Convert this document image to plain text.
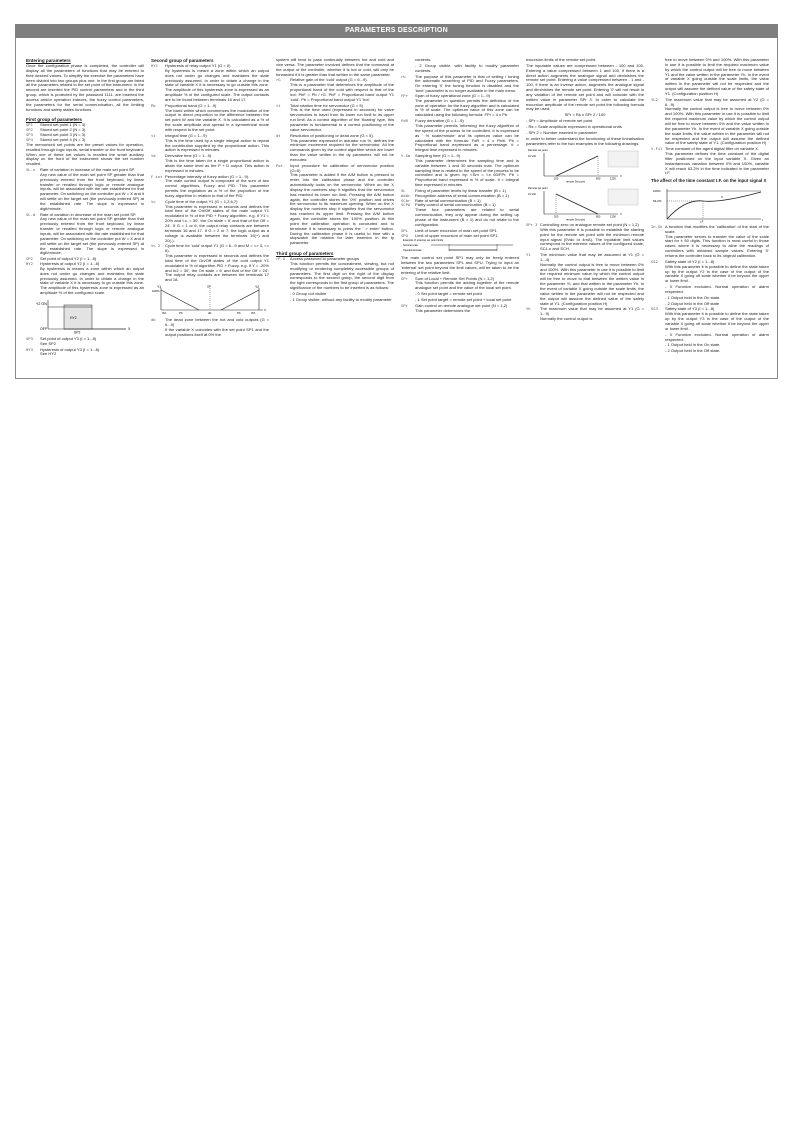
PARAMETERS DESCRIPTION

Entering parameters

Once the configuration phase is completed, the controller will display all the parameters of functions that may be entered to their desired values. To simplify the exercise the parameters have been divided into two groups plus one. In the first group are listed all the parameters related to the set point of the instrument, in the second are inserted the PID control parameters and in the third group, which is protected by the password 1111, are inserted the access and/or operation indexes, the fuzzy control parameters, the parameters for the serial communication, all the limiting functions and safety states functions.

First group of parameters

SP1	Stored set point 1 (N = 3)
SP2	Stored set point 2 (N = 3)
SP3	Stored set point 3 (N = 3)
SP4	Stored set point 4 (N = 3)

The memorised set points are the preset values for operation, recalled through logic inputs, serial transfer or the front keyboard. When one of these set values is recalled the small auxiliary display on the front of the instrument shows the set number recalled.

SL.u	Rate of variation in increase of the main set point SP.

Any new value of the main set point SP greater than that previously entered from the front keyboard, by linear transfer or recalled through logic or remote analogue inputs, will be associated with the rate established for that parameter. On switching on the controller put W = X and it will settle on the target set (the previously entered SP) at the established rate. The slope is expressed in digit/minute.

SL.d	Rate of variation in decrease of the main set point SP.

Any new value of the main set point SP greater than that previously entered from the front keyboard, by linear transfer or recalled through logic or remote analogue inputs, will be associated with the rate established for that parameter. On switching on the controller put W = X and it will settle on the target set (the previously entered SP) at the established rate. The slope is expressed in digit/minute.

SP2	Set point of output Y2 (I = 1...8)
HY2	Hysteresis of output Y2 (I = 1...8)

By hysteresis is means a zone within which an output does not under go changes and maintains the state previously assumed. In order to obtain a change in the state of variable X it is necessary to go outside this zone. The amplitude of this hysteresis zone is expressed as an amplitude % of the configured scale.

Y2 ON
OFF	X
SP2
HY2
SP3	Set point of output Y3 (I = 1...8)

See SP2

HY3	Hysteresis of output Y3 (I = 1...8)

See HY2

Second group of parameters

HY1	Hysteresis of relay output Y1 (G = 0)

By hysteresis is meant a zone within which an output does not under go changes and maintains the state previously assumed. In order to obtain a change in the state of variable X it is necessary to go outside this zone. The amplitude of this hysteresis zone is expressed as an amplitude % of the configured scale. The output contacts are to be found between terminals 16 and 17.

Pb	Proportional band (G = 1...9)

The band within which commences the modulation of the output in direct proportion to the difference between the set point W and the variable X. It is calculated as a % of the scale amplitude and spread in a symmetrical mode with respect to the set point.

ti	Integral time (G = 1...9)

This is the time used by a single integral action to repeat the contribution supplied by the proportional action. This action is expressed in minutes.

td	Derivative time (G = 1...9)

This is the time taken for a single proportional action to attain the same level as the P + D output. This action is expressed in minutes.

F.int Percentage intensity of fuzzy action (G = 1...9).

The main control output is composed of the sum of two control algorithms, Fuzzy and PID. This parameter permits the regulation as a % of the proportion of the fuzzy algorithm in relation to that of the PID.

tc	Cycle time of the output Y1 (G = 1,2,6,7)

This parameter is expressed in seconds and defines the total time of the On/Off states of the main output Y1 modulated in % of the PID + Fuzzy algorithm. e.g. If Y1 = 20% and t.c. = 30', the On state = 6' and that of the Off = 24'. If G = 1 or 6, the output relay contacts are between terminals 16 and 17. If G = 2 or 7, the logic output as a voltage is available between the terminals 19(+) and 20(-).

tc 2	Cycle time for 'cold' output Y1 (G = 6...9 and M = <> 3, <> 6).

This parameter is expressed in seconds and defines the total time of the On/Off states of the cold output Y1 modulated in % of algorithm PID + Fuzzy. e.g. If Y = -20% and tc2 = 30', the On state = 6' and that of the Off = 24'. The output relay contacts are between the terminals 17 and 18.

Y1	Y2
100%
0%	0%
Pb	db	Pb
X
SP
db	The dead zone between the hot and cold outputs (G = 6...9)

If the variable X coincides with the set point SP1 and the output positions itself at 0% the

system will tend to pass continually between hot and cold and vice versa. The parameter involved defines that the command at the output of the controller, whether it is hot or cold, will only be forwarded if it is greater than that written in the same parameter.

rG	Relative gain of the 'cold' output (G = 6...9).

This is a parameter that determines the amplitude of the proportional band of the cold with respect to that of the hot: PbF = Pb / rG. PbF = Proportional band output Y1 'cold'. Pb = Proportional band output Y1 'hot'.

tt	Total rotation time for servomotor (G = 5)

This is the time used (expressed in seconds) for valve servomotors to travel from its lower run limit to its upper run limit. As a control algorithm of the 'floating' type, this parameter is fundamental to a correct positioning of the value servomotor.

dt	Resolution of positioning or dead zone (G = 5).

This parameter expressed in actuator run %, defines the minimum movement required for the servomotor. All the commands given by the control algorithm which are lower than the value written in the dy parameter, will not be executed.

Pot.	Input procedure for calibration of servomotor position (G=5)

This parameter is added if the A/M button is pressed to enter into the calibration phase and the controller automatically locks on the servomotor. When on the X display the numbers stop it signifies that the servomotor has reached its lower run limit. Pressing the A/M button again, the controller stores the '0%' position and drives the servomotor to its maximum opening. When on the X display the numbers stop it signifies that the servomotor has reached its upper limit. Pressing the A/M button again, the controller stores the '100%' position. At this point the calibration operation is concluded and to terminate it is necessary to press the ' > enter' button. During the calibration phase it is useful to time with a stopwatch the rotation for later insertion in the ty parameter.

Third group of parameters

rP.A	Access password to parameter groups

This function permits the concealment, viewing, but not modifying or rendering completely accessible groups of parameters. The first digit on the right of the display corresponds to the second group, the second digit from the right corresponds to the first group of parameters. The significance of the numbers to be inserted is as follows:

- 0 Group not visible

- 1 Group visible, without any facility to modify parameter

contents.

- 2 Group visible, with facility to modify parameter contents.

rU	The purpose of this parameter is that of setting / tuning the automatic searching of PID and Fuzzy parameters. On entering '0' the tuning function is disabled and the 'tune' parameter is no longer available in the main menu.
FPr	Span of fuzzy operational zone (G = 1...9)

The parameter in question permits the definition of the zone of operation for the fuzzy algorithm and is calculated in % of scale. The optimum value of this zone can be calculated using the following formula: FPr = 4 x Pb.

FdR	Fuzzy derivative (G = 1...9)

This parameter permits 'informing' the fuzzy algorithm of the speed of the process to be controlled. It is expressed as ' % scale/minute' and its optimum value can be calculated with the formula: FdR = 4 x Pb/ti. Pb = Proportional band expressed as a percentage. ti = Integral time expressed in minutes.

t.Sm	Sampling time (G = 1...9)

This parameter determines the sampling time and is variable between 1 and 30 seconds max. The optimum sampling time is related to the speed of the process to be controlled and is given by: t.Sm = t.x 60/FPr. Pb = Proportional band expressed in % of scale. ti = Integral time expressed in minutes.

SL	Fixing of parameter levels by linear transfer (B = 1)
Addr	Recognition address of serial communication (B = 1)
SCbr	Rate of serial communication (B = 1)
SCPA	Parity control of serial communication (B = 1)

These four parameters are related to serial communication, they only appear during the setting up phase of the instrument (B = 1) and do not relate to the configuration.

SPL	Limit of lower excursion of main set point SP1
SPU	Limit of upper excursion of main set point SP1
Example of entering set point limits
Nominal scale
Operational scale

The main control set point SP1 may only be freely entered between the two parameters SPL and SPU. Trying to input an 'external' set point beyond the limit values, will be taken to be the entering of the relative limit.

SPr	Sum of Local + Remote Set Points (N = 1,2)

This function permits the adding together of the remote analogue set point and the value of the local set point.

- 0 Set point target = remote set point

- 1 Set point target = remote set point + local set point

SPr	Gain control on remote analogue set point (N = 1,2)

This parameter determines the

excursion limits of the remote set point.

The inputable values are compressed between - 100 and 100. Entering a value compressed between 1 and 100, if there is a direct action augments the analogue signal and diminishes the remote set point. Entering a value compressed between - 1 and - 100, if there is an inverse action, augments the analogue signal and diminishes the remote set point. Entering '0' will not result in any variation of the remote set point and will coincide with the written value in parameter SPr 3. In order to calculate the excursion amplitude of the remote set point the following formula may be used:

SPr = Rs x SPr 2 / 100

- SPr = Amplitude of remote set point

- Rs = Scale amplitude expressed in operational units

- SPr 2 = Number inserted in parameter

In order to better understand the functioning of these linearisation parameters refer to the two examples in the following drawings.

Remote set point
10 Vdc
200	800	1200
X
remote Set point

Remote set point
10 Vdc
200	800	1200
X
remote Set point
SPr 3 Controlling zero on analogue remote set point (N = 1,2)

With this parameter it is possible to establish the starting point for the remote set point with the minimum remote input signal (0Vdc or 4mA). The inputable limit values correspond to the extreme values of the configured scale, SCL.o and SCH.

Y1	The minimum value that may be assumed at Y1 (G = 1...4)

Normally the control output is free to move between 0% and 100%. With this parameter in use it is possible to limit the required minimum value by which the control output will be free to move to that between the written value in the parameter YL and that written in the parameter Yh. In the event of variable X going outside the scale limits, the value written in the parameter will not be respected and the output will assume the defined value of the safety state of Y1. (Configuration position H)

Yh	The maximum value that may be assumed at Y1 (G = 1...9)

Normally the control output is

free to move between 0% and 100%. With this parameter in use it is possible to limit the required maximum value by which the control output will be free to move between YL and the value written in the parameter Yh. In the event of variable X going outside the scale limits, the value written in the parameter will not be respected and the output will assume the defined value of the safety state of Y1. (Configuration position H)

YL2	The maximum value that may be assumed at Y2 (G = 6...9)

Normally the control output is free to move between 0% and 100%. With this parameter in use it is possible to limit the required maximum value by which the control output will be free to move between 0% and the value written in the parameter Yh. In the event of variable X going outside the scale limits, the value written in the parameter will not be respected and the output will assume the defined value of the safety state of Y1. (Configuration position H)

t.Fil Time constant of the agent digital filter on variable X.

This parameter defines the time constant of the digital filter positioned on the input variable X. Given an instantaneous variation between 0% and 100%, variable X will reach 63.2% in the time indicated in the parameter t.F.

The affect of the time constant t.F. on the input signal X

100%
63,2%
X
t
t.F
In.Sh A function that modifies the 'calibration' of the start of the scale.

This parameter serves to transfer the value of the scale start for ± 50 digits. This function is most useful in those cases where it is necessary to aline the readings of controllers with obtained sample values. Entering '0' returns the controller back to its original calibration.

SS2	Safety state of Y2 (I = 1...8)

With this parameter it is possible to define the state taken up by the output Y2 in the case of the output of the variable X going off scale whether it be beyond the upper or lower limit.

- 0 Function excluded. Normal operation of alarm respected.

- 1 Output held in the On state.

- 2 Output held in the Off state

SS3	Safety state of Y3 (I = 1...8)

With this parameter it is possible to define the state taken up by the output Y3 in the case of the output of the variable X going off scale whether it be beyond the upper or lower limit.

- 0 Function excluded. Normal operation of alarm respected.

- 1 Output held in the On state.

- 2 Output held in the Off state.
